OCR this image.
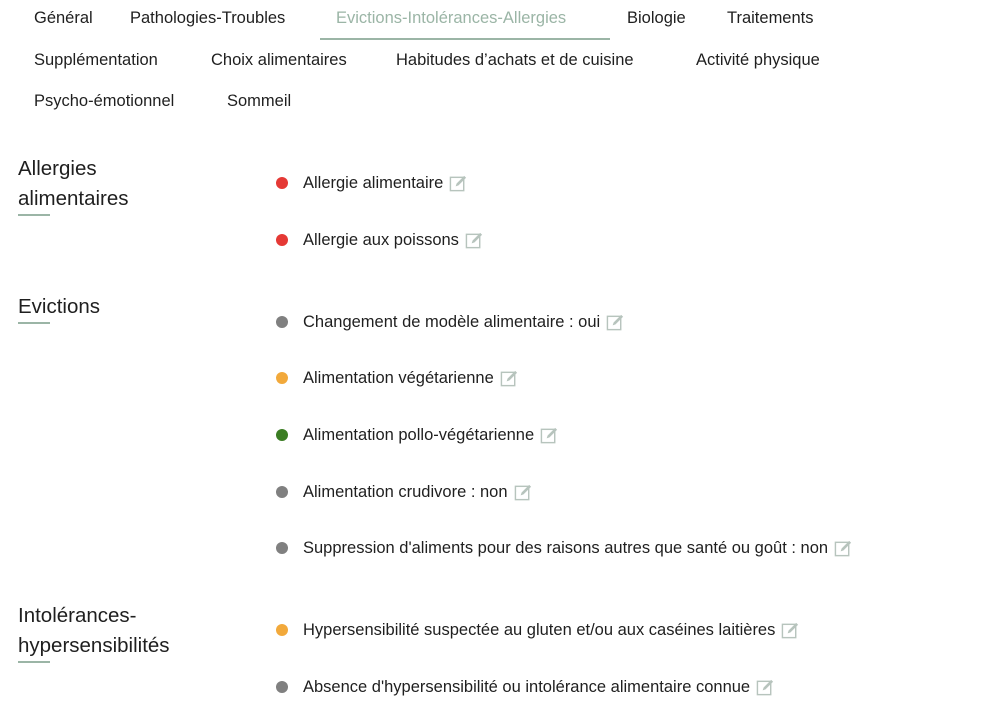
Général Pathologies-Troubles	Evictions-Intolérances-Allergies	Biologie	Traitements
Supplémentation	Choix alimentaires	Habitudes d’achats et de cuisine	Activité physique
Psycho-émotionnel	Sommeil
Allergies
alimentaires
Allergie alimentaire
Allergie aux poissons
Evictions
Changement de modèle alimentaire : oui
Alimentation végétarienne
Alimentation pollo-végétarienne
Alimentation crudivore : non
Suppression d'aliments pour des raisons autres que santé ou goût : non
Intolérances-
hypersensibilités
Hypersensibilité suspectée au gluten et/ou aux caséines laitières
Absence d'hypersensibilité ou intolérance alimentaire connue
